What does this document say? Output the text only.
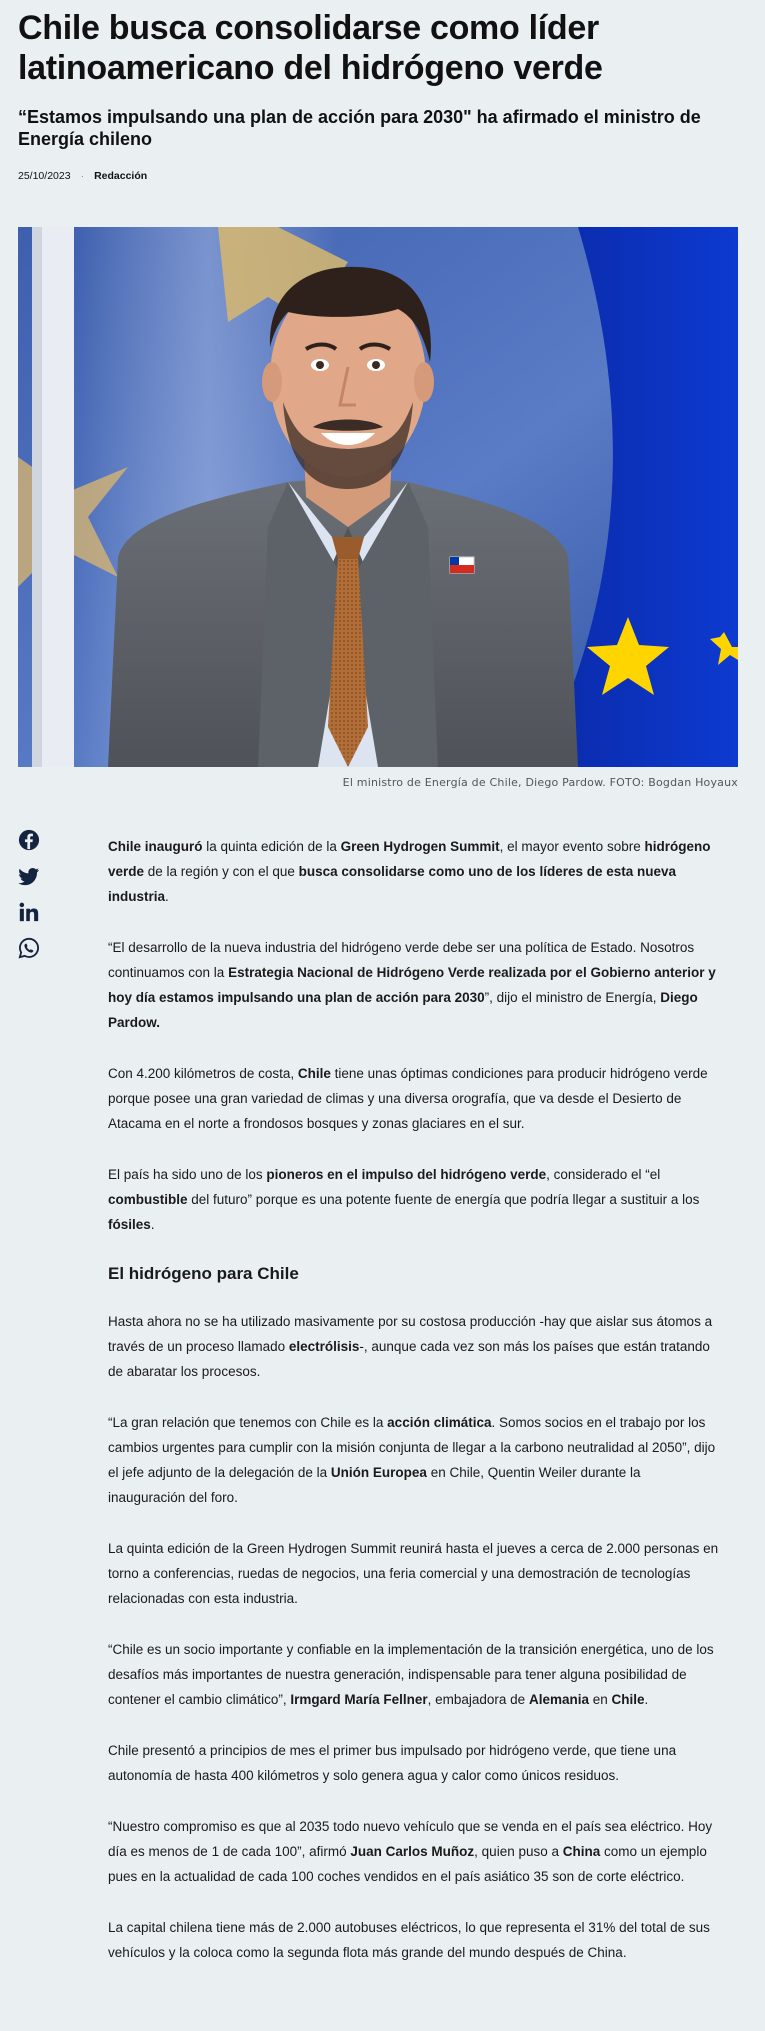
Chile busca consolidarse como líder latinoamericano del hidrógeno verde
“Estamos impulsando una plan de acción para 2030" ha afirmado el ministro de Energía chileno
25/10/2023 · Redacción
El ministro de Energía de Chile, Diego Pardow. FOTO: Bogdan Hoyaux

Chile inauguró la quinta edición de la Green Hydrogen Summit, el mayor evento sobre hidrógeno verde de la región y con el que busca consolidarse como uno de los líderes de esta nueva industria.

“El desarrollo de la nueva industria del hidrógeno verde debe ser una política de Estado. Nosotros continuamos con la Estrategia Nacional de Hidrógeno Verde realizada por el Gobierno anterior y hoy día estamos impulsando una plan de acción para 2030”, dijo el ministro de Energía, Diego Pardow.

Con 4.200 kilómetros de costa, Chile tiene unas óptimas condiciones para producir hidrógeno verde porque posee una gran variedad de climas y una diversa orografía, que va desde el Desierto de Atacama en el norte a frondosos bosques y zonas glaciares en el sur.

El país ha sido uno de los pioneros en el impulso del hidrógeno verde, considerado el “el combustible del futuro” porque es una potente fuente de energía que podría llegar a sustituir a los fósiles.

El hidrógeno para Chile

Hasta ahora no se ha utilizado masivamente por su costosa producción -hay que aislar sus átomos a través de un proceso llamado electrólisis-, aunque cada vez son más los países que están tratando de abaratar los procesos.

“La gran relación que tenemos con Chile es la acción climática. Somos socios en el trabajo por los cambios urgentes para cumplir con la misión conjunta de llegar a la carbono neutralidad al 2050”, dijo el jefe adjunto de la delegación de la Unión Europea en Chile, Quentin Weiler durante la inauguración del foro.

La quinta edición de la Green Hydrogen Summit reunirá hasta el jueves a cerca de 2.000 personas en torno a conferencias, ruedas de negocios, una feria comercial y una demostración de tecnologías relacionadas con esta industria.

“Chile es un socio importante y confiable en la implementación de la transición energética, uno de los desafíos más importantes de nuestra generación, indispensable para tener alguna posibilidad de contener el cambio climático”, Irmgard María Fellner, embajadora de Alemania en Chile.

Chile presentó a principios de mes el primer bus impulsado por hidrógeno verde, que tiene una autonomía de hasta 400 kilómetros y solo genera agua y calor como únicos residuos.

“Nuestro compromiso es que al 2035 todo nuevo vehículo que se venda en el país sea eléctrico. Hoy día es menos de 1 de cada 100”, afirmó Juan Carlos Muñoz, quien puso a China como un ejemplo pues en la actualidad de cada 100 coches vendidos en el país asiático 35 son de corte eléctrico.

La capital chilena tiene más de 2.000 autobuses eléctricos, lo que representa el 31% del total de sus vehículos y la coloca como la segunda flota más grande del mundo después de China.
